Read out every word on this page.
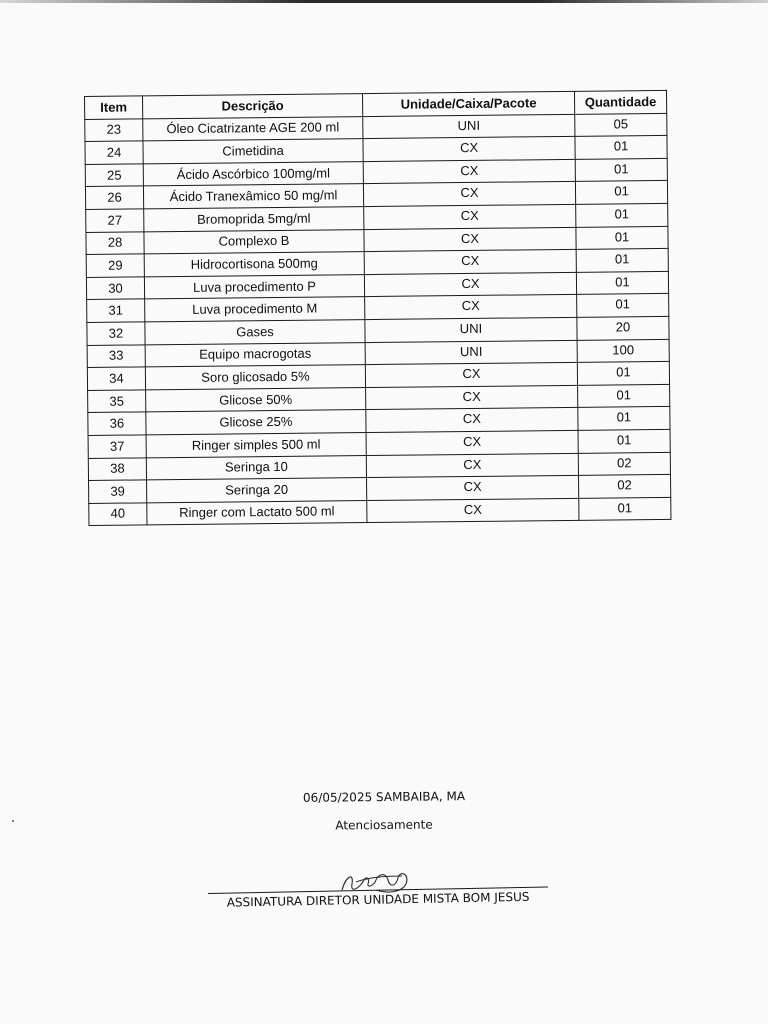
Item	Descrição	Unidade/Caixa/Pacote	Quantidade
23	Óleo Cicatrizante AGE 200 ml	UNI	05
24	Cimetidina	CX	01
25	Ácido Ascórbico 100mg/ml	CX	01
26	Ácido Tranexâmico 50 mg/ml	CX	01
27	Bromoprida 5mg/ml	CX	01
28	Complexo B	CX	01
29	Hidrocortisona 500mg	CX	01
30	Luva procedimento P	CX	01
31	Luva procedimento M	CX	01
32	Gases	UNI	20
33	Equipo macrogotas	UNI	100
34	Soro glicosado 5%	CX	01
35	Glicose 50%	CX	01
36	Glicose 25%	CX	01
37	Ringer simples 500 ml	CX	01
38	Seringa 10	CX	02
39	Seringa 20	CX	02
40	Ringer com Lactato 500 ml	CX	01
06/05/2025 SAMBAIBA, MA
Atenciosamente
ASSINATURA DIRETOR UNIDADE MISTA BOM JESUS
